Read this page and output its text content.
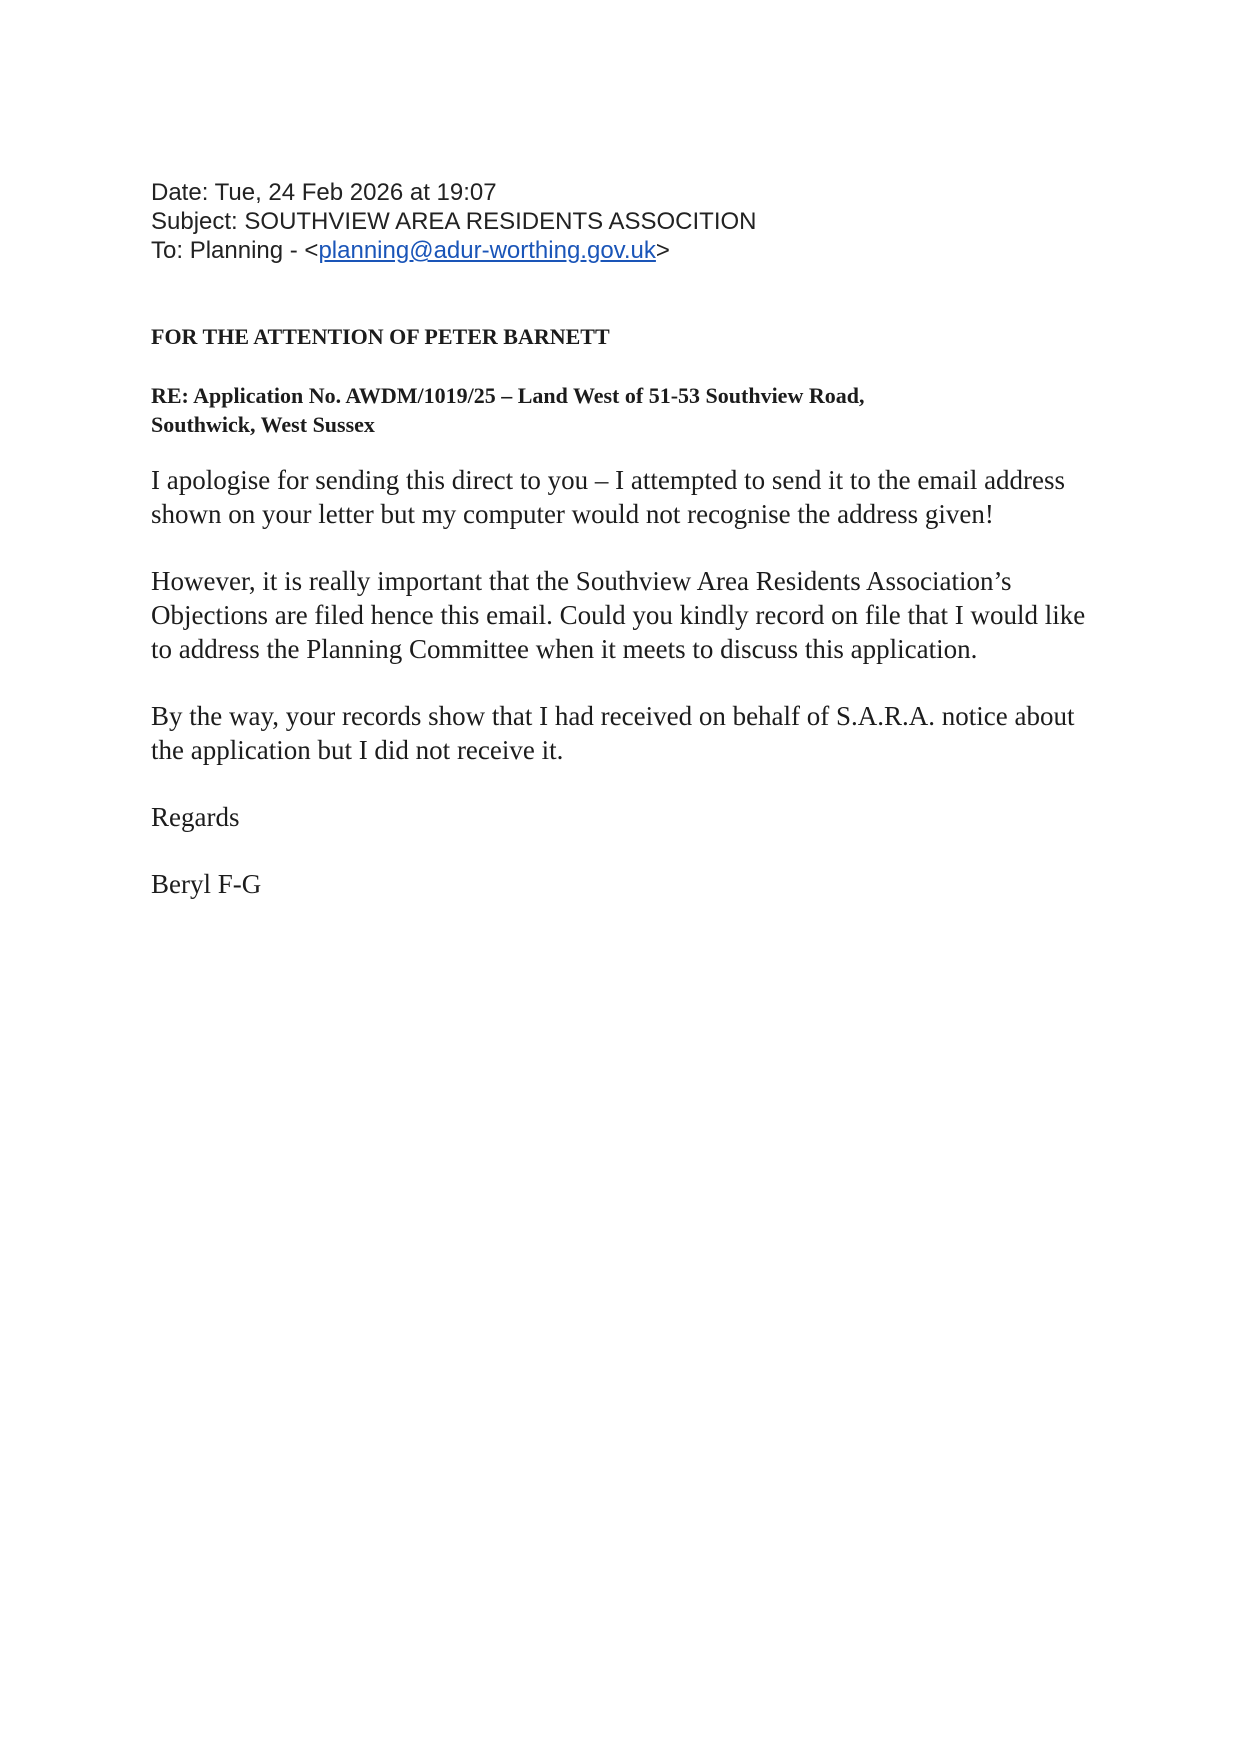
Date: Tue, 24 Feb 2026 at 19:07
Subject: SOUTHVIEW AREA RESIDENTS ASSOCITION
To: Planning - <planning@adur-worthing.gov.uk>

FOR THE ATTENTION OF PETER BARNETT

RE: Application No. AWDM/1019/25 – Land West of 51-53 Southview Road,

Southwick, West Sussex

I apologise for sending this direct to you – I attempted to send it to the email address shown on your letter but my computer would not recognise the address given!

However, it is really important that the Southview Area Residents Association’s Objections are filed hence this email. Could you kindly record on file that I would like to address the Planning Committee when it meets to discuss this application.

By the way, your records show that I had received on behalf of S.A.R.A. notice about the application but I did not receive it.

Regards

Beryl F-G
